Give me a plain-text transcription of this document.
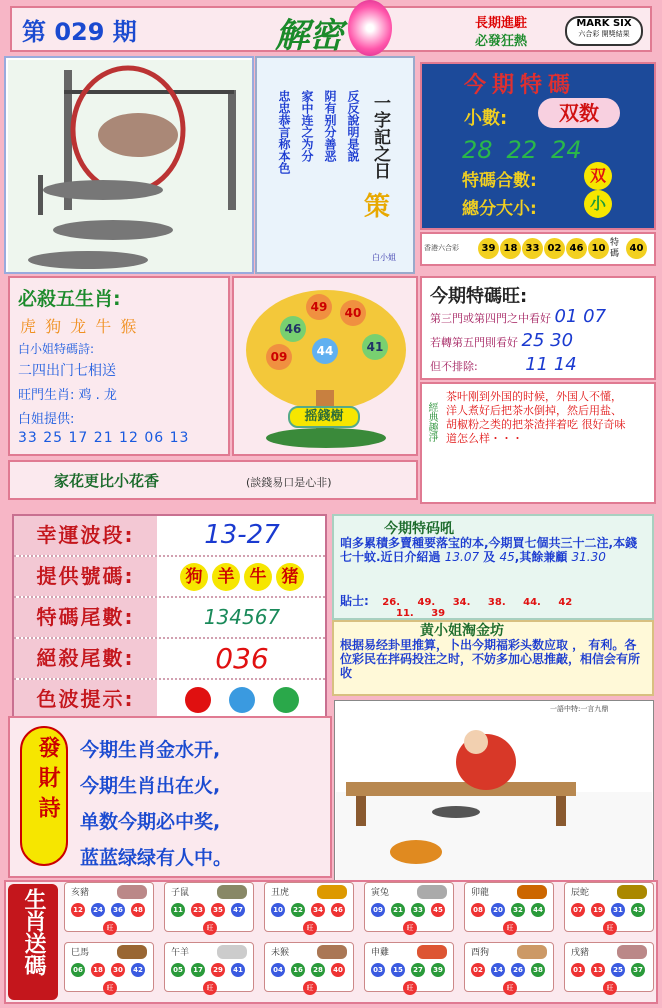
第 029 期	解密	長期進駐
必發狂熱
MARK SIX
六合彩 開獎結果
反反說明是説
阴有别分善恶
家中连之为分
忠忠恭言称本色	一字記之日
策
白小姐
今期特碼
小數:	双数
28 22 24
特碼合數:	双
總分大小:	小
香港六合彩	39 18 33 02 46 10 特碼	40
必殺五生肖:
虎 狗 龙 牛 猴
白小姐特碼詩:
二四出门七相送
旺門生肖: 鸡 . 龙
白姐提供:
33 25 17 21 12 06 13
49	40
46
44	41
09
摇錢樹
今期特碼旺:
第三門或第四門之中看好 01 07
若轉第五門則看好 25 30
但不排除:	11 14
經典趣淨
茶叶刚到外国的时候，外国人不懂，洋人煮好后把茶水倒掉，然后用盐、胡椒粉之类的把茶渣拌着吃 很好奇味道怎么样・・・
家花更比小花香	(談錢易口是心非)
幸運波段:	13-27
提供號碼:	狗 羊 牛 猪
特碼尾數:	134567
絕殺尾數:	036
色波提示:
今期特码吼
咱多累積多賣種要落宝的本,今期買七個共三十二注,本錢七十蚊.近日介紹過 13.07 及 45,其餘兼顧 31.30
貼士: 26. 49. 34. 38. 44. 42
11. 39
黄小姐淘金坊
根据易经卦里推算，卜出今期福彩头数应取 ， 有利。各位彩民在拌码投注之时，不妨多加心思推敲，相信会有所收
發財詩 今期生肖金水开,
今期生肖出在火,
单数今期必中奖,
蓝蓝绿绿有人中。
一語中特:一言九鼎
生肖送碼	亥豬
12	24	36	48
旺
子鼠
11	23	35	47
旺
丑虎
10	22	34	46
旺
寅兔
09	21	33	45
旺
卯龍
08	20	32	44
旺
辰蛇
07	19	31	43
旺
巳馬
06	18	30	42
旺
午羊
05	17	29	41
旺
未猴
04	16	28	40
旺
申雞
03	15	27	39
旺
酉狗
02	14	26	38
旺
戌豬
01	13	25	37
旺
